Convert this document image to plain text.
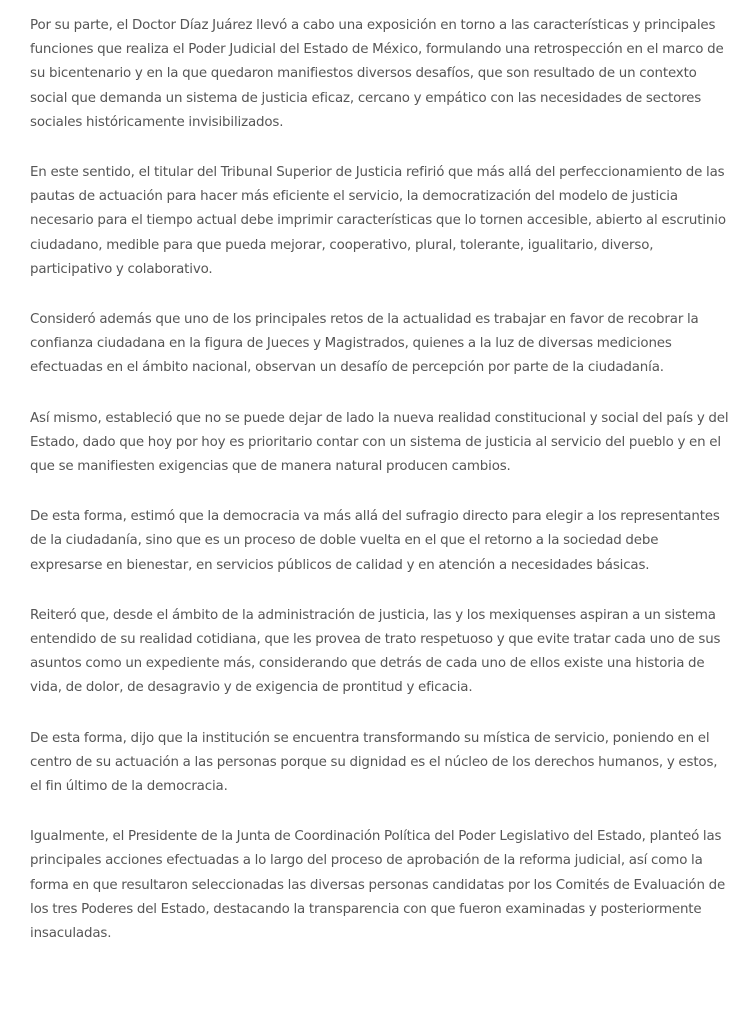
Por su parte, el Doctor Díaz Juárez llevó a cabo una exposición en torno a las características y principales funciones que realiza el Poder Judicial del Estado de México, formulando una retrospección en el marco de su bicentenario y en la que quedaron manifiestos diversos desafíos, que son resultado de un contexto social que demanda un sistema de justicia eficaz, cercano y empático con las necesidades de sectores sociales históricamente invisibilizados.

En este sentido, el titular del Tribunal Superior de Justicia refirió que más allá del perfeccionamiento de las pautas de actuación para hacer más eficiente el servicio, la democratización del modelo de justicia necesario para el tiempo actual debe imprimir características que lo tornen accesible, abierto al escrutinio ciudadano, medible para que pueda mejorar, cooperativo, plural, tolerante, igualitario, diverso, participativo y colaborativo.

Consideró además que uno de los principales retos de la actualidad es trabajar en favor de recobrar la confianza ciudadana en la figura de Jueces y Magistrados, quienes a la luz de diversas mediciones efectuadas en el ámbito nacional, observan un desafío de percepción por parte de la ciudadanía.

Así mismo, estableció que no se puede dejar de lado la nueva realidad constitucional y social del país y del Estado, dado que hoy por hoy es prioritario contar con un sistema de justicia al servicio del pueblo y en el que se manifiesten exigencias que de manera natural producen cambios.

De esta forma, estimó que la democracia va más allá del sufragio directo para elegir a los representantes de la ciudadanía, sino que es un proceso de doble vuelta en el que el retorno a la sociedad debe expresarse en bienestar, en servicios públicos de calidad y en atención a necesidades básicas.

Reiteró que, desde el ámbito de la administración de justicia, las y los mexiquenses aspiran a un sistema entendido de su realidad cotidiana, que les provea de trato respetuoso y que evite tratar cada uno de sus asuntos como un expediente más, considerando que detrás de cada uno de ellos existe una historia de vida, de dolor, de desagravio y de exigencia de prontitud y eficacia.

De esta forma, dijo que la institución se encuentra transformando su mística de servicio, poniendo en el centro de su actuación a las personas porque su dignidad es el núcleo de los derechos humanos, y estos, el fin último de la democracia.

Igualmente, el Presidente de la Junta de Coordinación Política del Poder Legislativo del Estado, planteó las principales acciones efectuadas a lo largo del proceso de aprobación de la reforma judicial, así como la forma en que resultaron seleccionadas las diversas personas candidatas por los Comités de Evaluación de los tres Poderes del Estado, destacando la transparencia con que fueron examinadas y posteriormente insaculadas.
